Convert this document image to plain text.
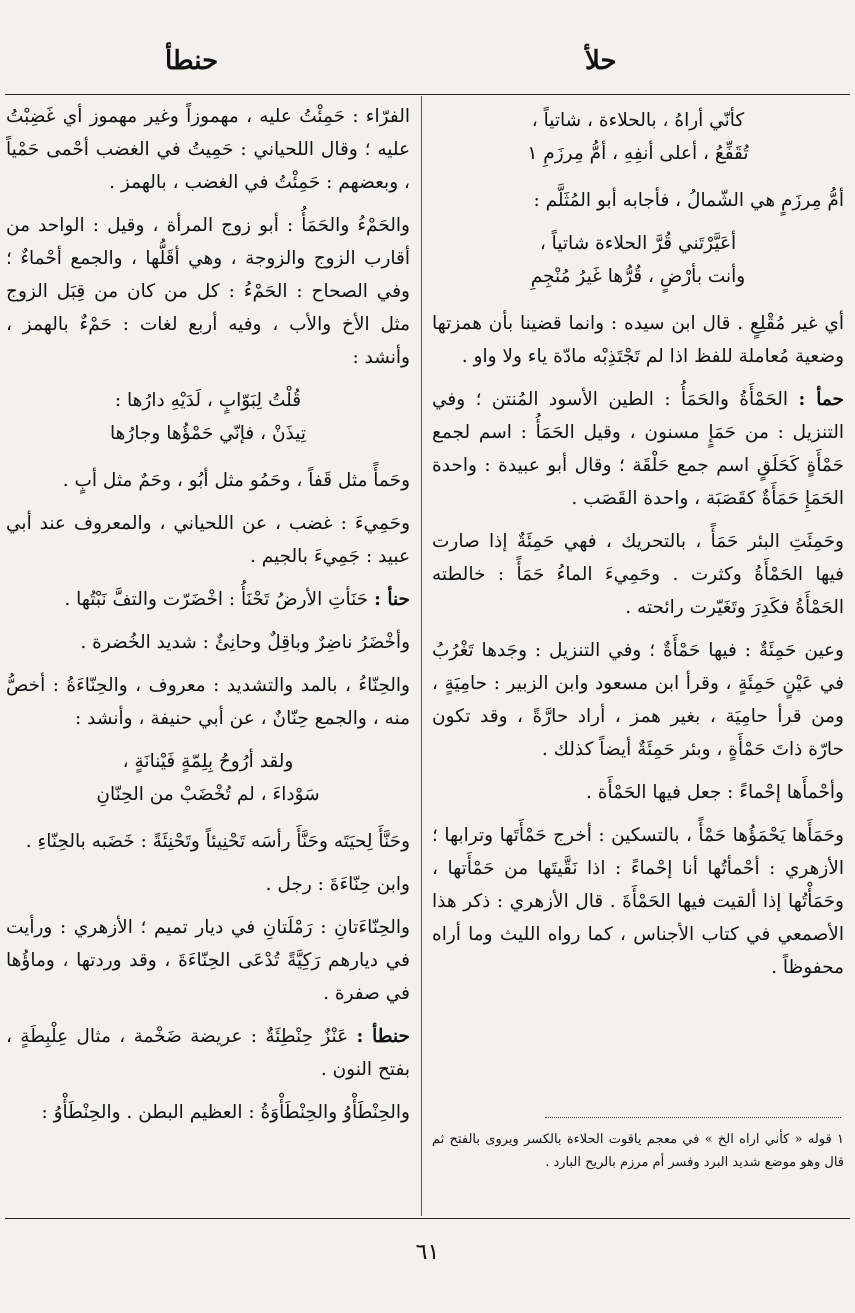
حلأ
حنطأ
كأنّي أراهُ ، بالحلاءة ، شاتياً ،
تُقَفِّعُ ، أعلى أنفِهِ ، أمُّ مِرزَمِ ١

أمُّ مِرزَمٍ هي الشّمالُ ، فأجابه أبو المُثَلَّم :

أعَيَّرْتَني قُرَّ الحلاءة شاتياً ،
وأنت بأرْضٍ ، قُرُّها غَيرُ مُنْجِمِ

أي غير مُقْلِعٍ . قال ابن سيده : وانما قضينا بأن همزتها وضعية مُعاملة للفظ اذا لم تَجْتَذِبْه مادّة ياء ولا واو .

حمأ : الحَمْأَةُ والحَمَأُ : الطين الأسود المُنتن ؛ وفي التنزيل : من حَمَإٍ مسنون ، وقيل الحَمَأُ : اسم لجمع حَمْأَةٍ كَحَلَقٍ اسم جمع حَلْقَة ؛ وقال أبو عبيدة : واحدة الحَمَإِ حَمَأَةٌ كقَصَبَة ، واحدة القَصَب .

وحَمِئَتِ البئر حَمَأً ، بالتحريك ، فهي حَمِئَةٌ إذا صارت فيها الحَمْأَةُ وكثرت . وحَمِيءَ الماءُ حَمَأً : خالطته الحَمْأَةُ فكَدِرَ وتَغَيّرت رائحته .

وعين حَمِئَةٌ : فيها حَمْأَةٌ ؛ وفي التنزيل : وجَدها تَغْرُبُ في عَيْنٍ حَمِئَةٍ ، وقرأ ابن مسعود وابن الزبير : حامِيَةٍ ، ومن قرأ حامِيَة ، بغير همز ، أراد حارَّةً ، وقد تكون حارّة ذاتَ حَمْأَةٍ ، وبئر حَمِئَةٌ أيضاً كذلك .

وأحْمأَها إحْماءً : جعل فيها الحَمْأَة .

وحَمَأَها يَحْمَؤُها حَمْأً ، بالتسكين : أخرج حَمْأَتَها وترابها ؛ الأزهري : أحْمأتُها أنا إحْماءً : اذا نَقَّيتَها من حَمْأَتها ، وحَمَأْتُها إذا ألقيت فيها الحَمْأَةَ . قال الأزهري : ذكر هذا الأصمعي في كتاب الأجناس ، كما رواه الليث وما أراه محفوظاً .

١ قوله « كأني اراه الخ » في معجم ياقوت الحلاءة بالكسر ويروى بالفتح ثم قال وهو موضع شديد البرد وفسر أم مرزم بالريح البارد .

الفرّاء : حَمِئْتُ عليه ، مهموزاً وغير مهموز أي غَضِبْتُ عليه ؛ وقال اللحياني : حَمِيتُ في الغضب أحْمى حَمْياً ، وبعضهم : حَمِئْتُ في الغضب ، بالهمز .

والحَمْءُ والحَمَأُ : أبو زوج المرأة ، وقيل : الواحد من أقارب الزوج والزوجة ، وهي أقَلُّها ، والجمع أحْماءٌ ؛ وفي الصحاح : الحَمْءُ : كل من كان من قِبَل الزوج مثل الأخ والأب ، وفيه أربع لغات : حَمْءٌ بالهمز ، وأنشد :

قُلْتُ لِبَوّابٍ ، لَدَيْهِ دارُها :
تِيذَنْ ، فإنّي حَمْؤُها وجارُها

وحَمأً مثل قَفاً ، وحَمُو مثل أبُو ، وحَمٌ مثل أبٍ .

وحَمِيءَ : غضب ، عن اللحياني ، والمعروف عند أبي عبيد : جَمِيءَ بالجيم .

حنأ : حَنَأتِ الأرضُ تَحْنَأُ : اخْضَرّت والتفَّ نَبْتُها .

وأخْضَرُ ناضِرٌ وباقِلٌ وحانِئٌ : شديد الخُضرة .

والحِنّاءُ ، بالمد والتشديد : معروف ، والحِنّاءَةُ : أخصُّ منه ، والجمع حِنّانٌ ، عن أبي حنيفة ، وأنشد :

ولقد أرُوحُ بِلِمّةٍ فَيْنانَةٍ ،
سَوْداءَ ، لم تُخْضَبْ من الحِنّانِ

وحَنَّأَ لِحيَتَه وحَنَّأَ رأسَه تَحْنِيئاً وتَحْنِئَةً : خَضَبه بالحِنّاءِ .

وابن حِنّاءَةَ : رجل .

والحِنّاءَتانِ : رَمْلَتانِ في ديار تميم ؛ الأزهري : ورأيت في ديارهم رَكِيَّةً تُدْعَى الحِنّاءَةَ ، وقد وردتها ، وماؤُها في صفرة .

حنطأ : عَنْزٌ حِنْطِئَةٌ : عريضة ضَخْمة ، مثال عِلْبِطَةٍ ، بفتح النون .

والحِنْطَأْوُ والحِنْطَأْوَةُ : العظيم البطن . والحِنْطَأْوُ :

٦١
